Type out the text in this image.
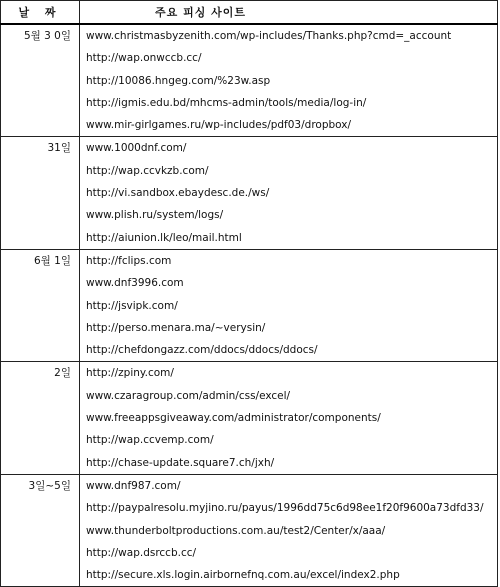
날 짜	주요 피싱 사이트
5월 3 0일	www.christmasbyzenith.com/wp-includes/Thanks.php?cmd=_account
http://wap.onwccb.cc/
http://10086.hngeg.com/%23w.asp
http://igmis.edu.bd/mhcms-admin/tools/media/log-in/
www.mir-girlgames.ru/wp-includes/pdf03/dropbox/

31일	www.1000dnf.com/
http://wap.ccvkzb.com/
http://vi.sandbox.ebaydesc.de./ws/
www.plish.ru/system/logs/
http://aiunion.lk/leo/mail.html

6월 1일	http://fclips.com
www.dnf3996.com
http://jsvipk.com/
http://perso.menara.ma/~verysin/
http://chefdongazz.com/ddocs/ddocs/ddocs/

2일	http://zpiny.com/
www.czaragroup.com/admin/css/excel/
www.freeappsgiveaway.com/administrator/components/
http://wap.ccvemp.com/
http://chase-update.square7.ch/jxh/

3일~5일	www.dnf987.com/
http://paypalresolu.myjino.ru/payus/1996dd75c6d98ee1f20f9600a73dfd33/
www.thunderboltproductions.com.au/test2/Center/x/aaa/
http://wap.dsrccb.cc/
http://secure.xls.login.airbornefnq.com.au/excel/index2.php
